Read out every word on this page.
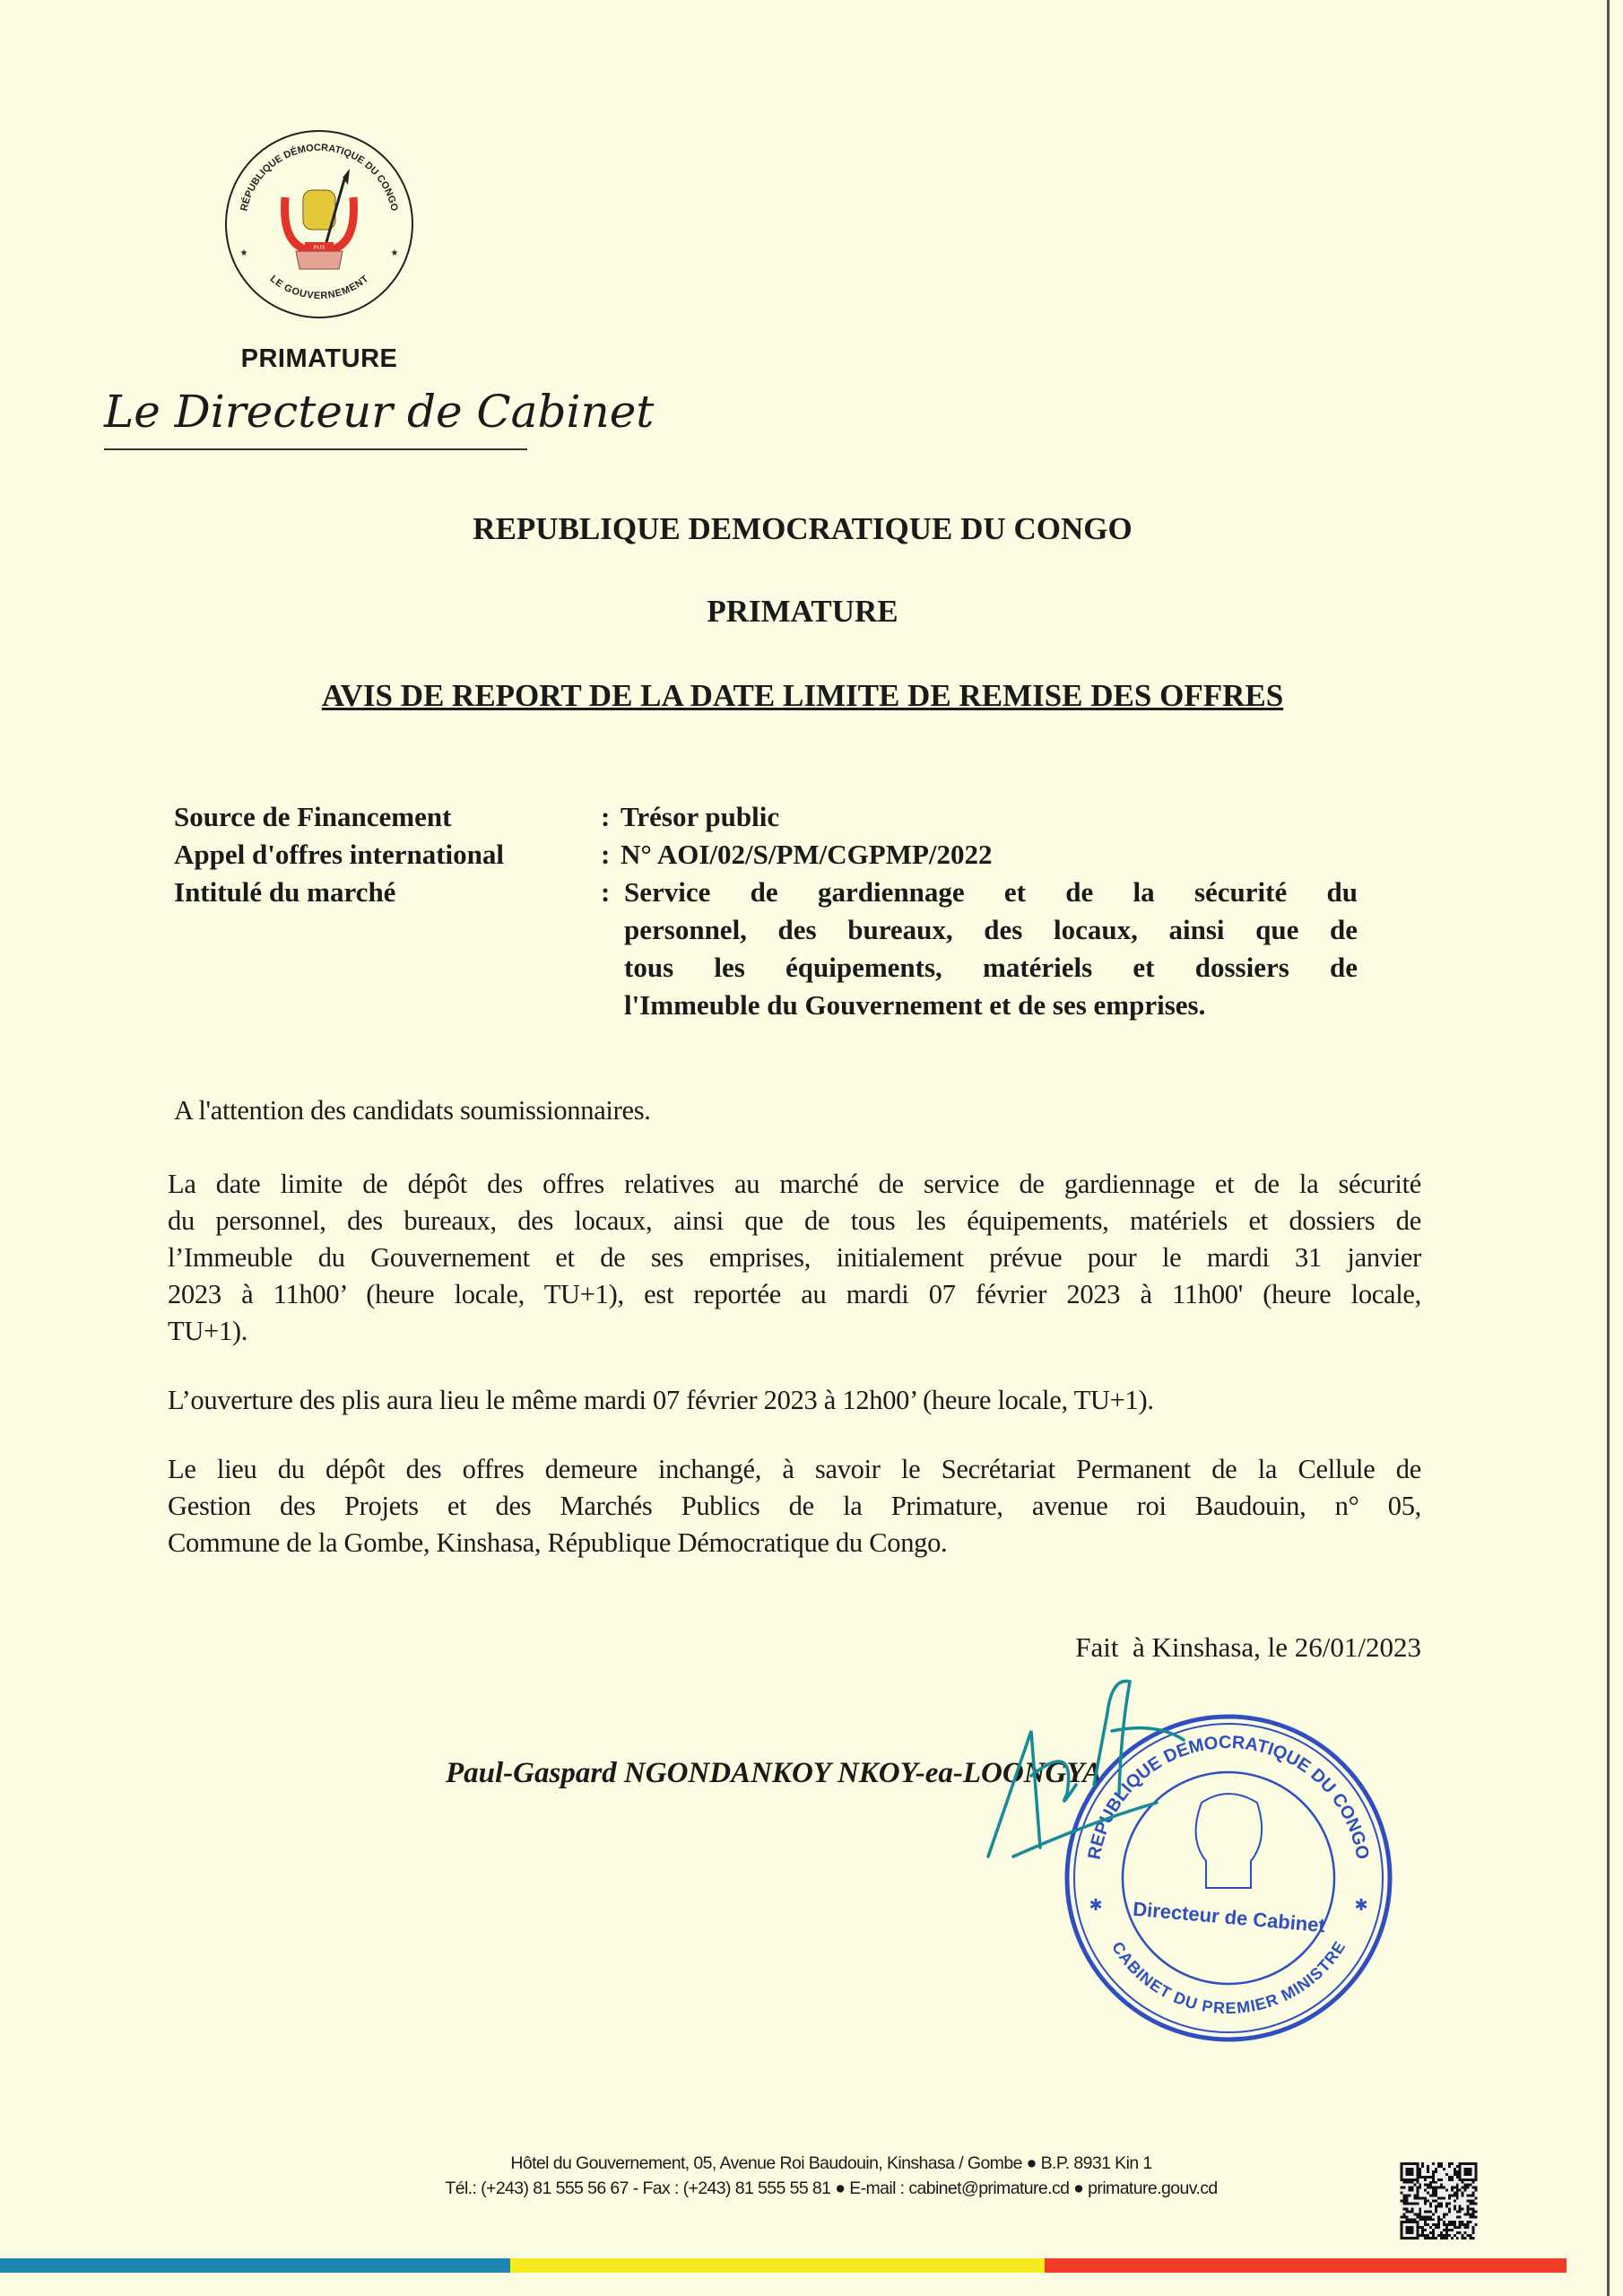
RÉPUBLIQUE DÉMOCRATIQUE DU CONGO
LE GOUVERNEMENT
★	★
PAIX
PRIMATURE
Le Directeur de Cabinet
REPUBLIQUE DEMOCRATIQUE DU CONGO
PRIMATURE
AVIS DE REPORT DE LA DATE LIMITE DE REMISE DES OFFRES
Source de Financement	: Trésor public
Appel d'offres international	: N° AOI/02/S/PM/CGPMP/2022
Intitulé du marché	: Service de gardiennage et de la sécurité du
personnel, des bureaux, des locaux, ainsi que de
tous les équipements, matériels et dossiers de
l'Immeuble du Gouvernement et de ses emprises.
A l'attention des candidats soumissionnaires.
La date limite de dépôt des offres relatives au marché de service de gardiennage et de la sécurité
du personnel, des bureaux, des locaux, ainsi que de tous les équipements, matériels et dossiers de
l’Immeuble du Gouvernement et de ses emprises, initialement prévue pour le mardi 31 janvier
2023 à 11h00’ (heure locale, TU+1), est reportée au mardi 07 février 2023 à 11h00' (heure locale,
TU+1).
L’ouverture des plis aura lieu le même mardi 07 février 2023 à 12h00’ (heure locale, TU+1).
Le lieu du dépôt des offres demeure inchangé, à savoir le Secrétariat Permanent de la Cellule de
Gestion des Projets et des Marchés Publics de la Primature, avenue roi Baudouin, n° 05,
Commune de la Gombe, Kinshasa, République Démocratique du Congo.
Fait  à Kinshasa, le 26/01/2023
Paul-Gaspard NGONDANKOY NKOY-ea-LOONGYA
REPUBLIQUE DEMOCRATIQUE DU CONGO
CABINET DU PREMIER MINISTRE
✱	✱
Directeur de Cabinet
Hôtel du Gouvernement, 05, Avenue Roi Baudouin, Kinshasa / Gombe ● B.P. 8931 Kin 1
Tél.: (+243) 81 555 56 67 - Fax : (+243) 81 555 55 81 ● E-mail : cabinet@primature.cd ● primature.gouv.cd
